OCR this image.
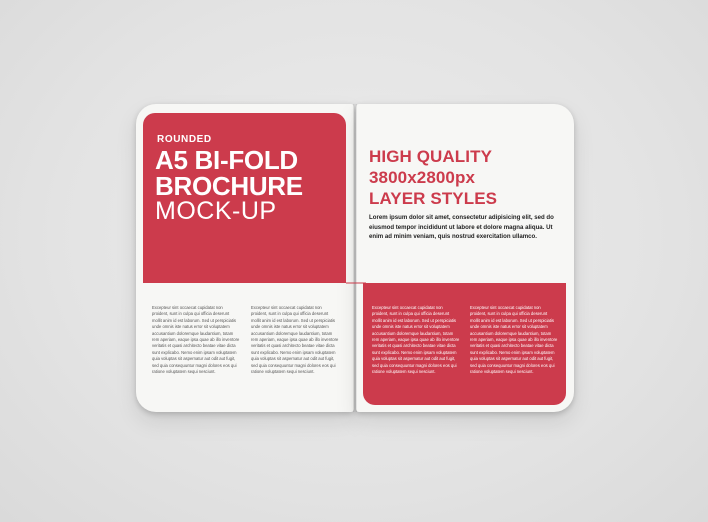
ROUNDED
A5 BI-FOLD
BROCHURE
MOCK-UP
Excepteur sint occaecat cupidatat non proident, sunt in culpa qui officia deserunt mollit anim id est laborum. Sed ut perspiciatis unde omnis iste natus error sit voluptatem accusantium doloremque laudantium, totam rem aperiam, eaque ipsa quae ab illo inventore veritatis et quasi architecto beatae vitae dicta sunt explicabo. Nemo enim ipsam voluptatem quia voluptas sit aspernatur aut odit aut fugit, sed quia consequuntur magni dolores eos qui ratione voluptatem sequi nesciunt.
Excepteur sint occaecat cupidatat non proident, sunt in culpa qui officia deserunt mollit anim id est laborum. Sed ut perspiciatis unde omnis iste natus error sit voluptatem accusantium doloremque laudantium, totam rem aperiam, eaque ipsa quae ab illo inventore veritatis et quasi architecto beatae vitae dicta sunt explicabo. Nemo enim ipsam voluptatem quia voluptas sit aspernatur aut odit aut fugit, sed quia consequuntur magni dolores eos qui ratione voluptatem sequi nesciunt.
HIGH QUALITY
3800x2800px
LAYER STYLES
Lorem ipsum dolor sit amet, consectetur adipisicing elit, sed do eiusmod tempor incididunt ut labore et dolore magna aliqua. Ut enim ad minim veniam, quis nostrud exercitation ullamco.
Excepteur sint occaecat cupidatat non proident, sunt in culpa qui officia deserunt mollit anim id est laborum. Sed ut perspiciatis unde omnis iste natus error sit voluptatem accusantium doloremque laudantium, totam rem aperiam, eaque ipsa quae ab illo inventore veritatis et quasi architecto beatae vitae dicta sunt explicabo. Nemo enim ipsam voluptatem quia voluptas sit aspernatur aut odit aut fugit, sed quia consequuntur magni dolores eos qui ratione voluptatem sequi nesciunt.
Excepteur sint occaecat cupidatat non proident, sunt in culpa qui officia deserunt mollit anim id est laborum. Sed ut perspiciatis unde omnis iste natus error sit voluptatem accusantium doloremque laudantium, totam rem aperiam, eaque ipsa quae ab illo inventore veritatis et quasi architecto beatae vitae dicta sunt explicabo. Nemo enim ipsam voluptatem quia voluptas sit aspernatur aut odit aut fugit, sed quia consequuntur magni dolores eos qui ratione voluptatem sequi nesciunt.
